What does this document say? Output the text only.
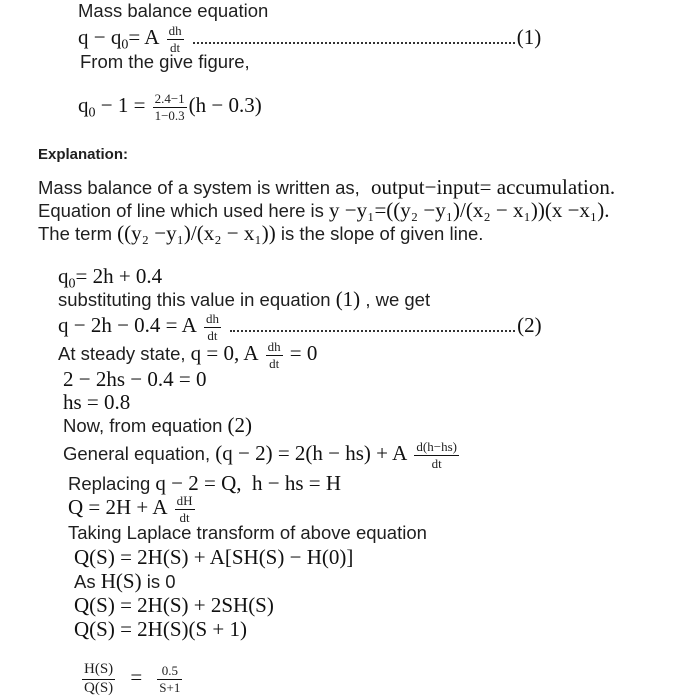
Mass balance equation
$q - q_0= A \frac{dh}{dt}$	(1)
From the give figure,
$q_0 - 1 = \frac{2.4-1}{1-0.3} (h - 0.3)$
Explanation:
Mass balance of a system is written as, output−input= accumulation.
Equation of line which used here is y −y₁=((y₂ −y₁)/(x₂ − x₁))(x −x₁).
The term ((y₂ −y₁)/(x₂ − x₁)) is the slope of given line.
$q_0= 2h + 0.4$
substituting this value in equation (1) , we get
q − 2h − 0.4 = A $\frac{dh}{dt}$	(2)
At steady state, q = 0, A $\frac{dh}{dt} = 0$
2 − 2hs − 0.4 = 0
hs = 0.8
Now, from equation (2)
General equation, (q − 2) = 2(h − hs) + A $\frac{d(h-hs)}{dt}$
Replacing q − 2 = Q,  h − hs = H
Q = 2H + A $\frac{dH}{dt}$
Taking Laplace transform of above equation
Q(S) = 2H(S) + A[SH(S) − H(0)]
As H(S) is 0
Q(S) = 2H(S) + 2SH(S)
Q(S) = 2H(S)(S + 1)
$\frac{H(S)}{Q(S)} = \frac{0.5}{S+1}$
